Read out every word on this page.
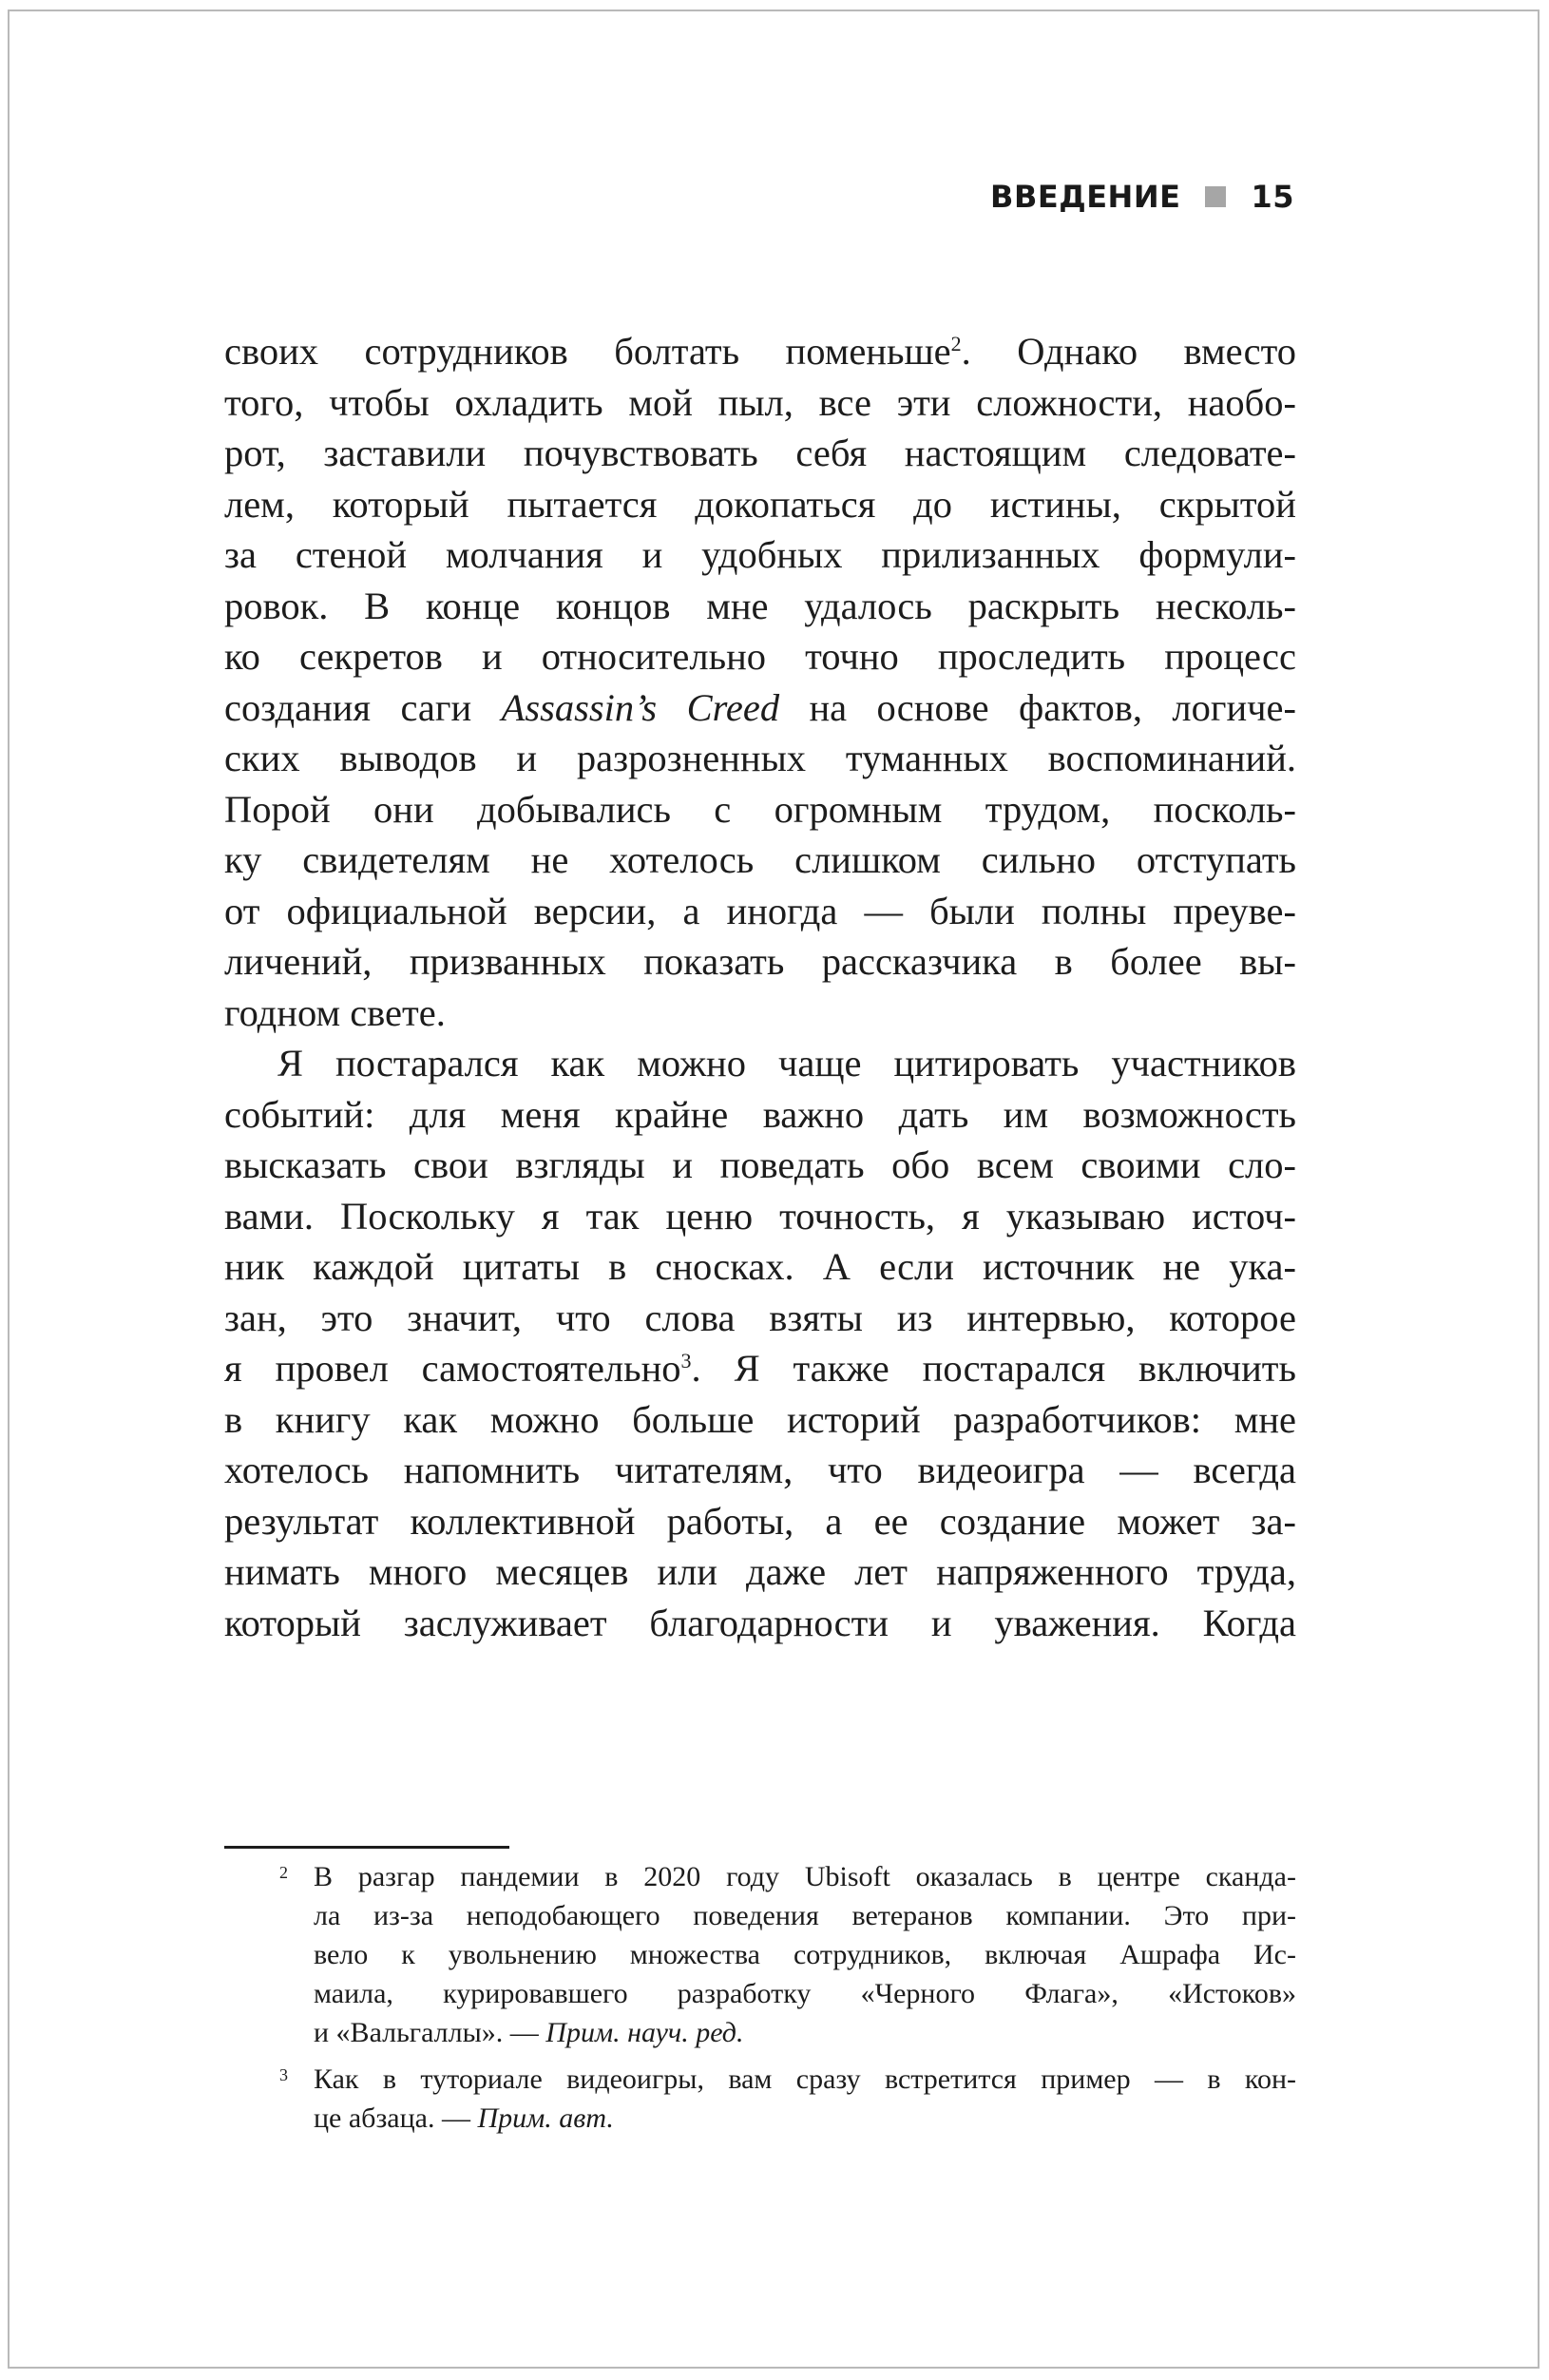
ВВЕДЕНИЕ 15
своих сотрудников болтать поменьше$^2$. Однако вместо
того, чтобы охладить мой пыл, все эти сложности, наобо-
рот, заставили почувствовать себя настоящим следовате-
лем, который пытается докопаться до истины, скрытой
за стеной молчания и удобных прилизанных формули-
ровок. В конце концов мне удалось раскрыть несколь-
ко секретов и относительно точно проследить процесс
создания саги Assassin’s Creed на основе фактов, логиче-
ских выводов и разрозненных туманных воспоминаний.
Порой они добывались с огромным трудом, посколь-
ку свидетелям не хотелось слишком сильно отступать
от официальной версии, а иногда — были полны преуве-
личений, призванных показать рассказчика в более вы-
годном свете.
Я постарался как можно чаще цитировать участников
событий: для меня крайне важно дать им возможность
высказать свои взгляды и поведать обо всем своими сло-
вами. Поскольку я так ценю точность, я указываю источ-
ник каждой цитаты в сносках. А если источник не ука-
зан, это значит, что слова взяты из интервью, которое
я провел самостоятельно$^3$. Я также постарался включить
в книгу как можно больше историй разработчиков: мне
хотелось напомнить читателям, что видеоигра — всегда
результат коллективной работы, а ее создание может за-
нимать много месяцев или даже лет напряженного труда,
который заслуживает благодарности и уважения. Когда
2 В разгар пандемии в 2020 году Ubisoft оказалась в центре сканда-
ла из-за неподобающего поведения ветеранов компании. Это при-
вело к увольнению множества сотрудников, включая Ашрафа Ис-
маила, курировавшего разработку «Черного Флага», «Истоков»
и «Вальгаллы». — Прим. науч. ред.
3 Как в туториале видеоигры, вам сразу встретится пример — в кон-
це абзаца. — Прим. авт.
